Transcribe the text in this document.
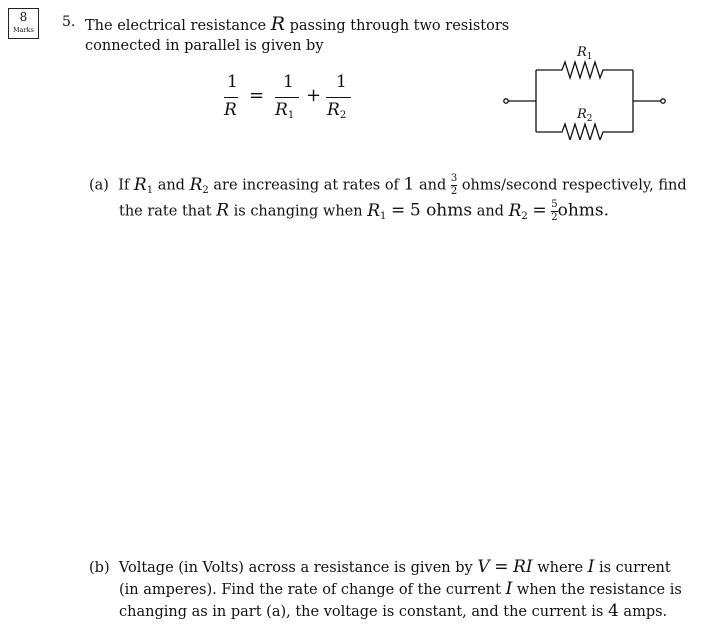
8
Marks 5. The electrical resistance R passing through two resistors
connected in parallel is given by
1
R
=
1
$R_1$
+
1
$R_2$
$R_1$
$R_2$
(a) If $R_1$ and $R_2$ are increasing at rates of 1 and $\frac{3}{2}$ ohms/second respectively, find
the rate that R is changing when $R_1 = 5$ ohms and $R_2 = \frac{5}{2}$ ohms.
(b) Voltage (in Volts) across a resistance is given by V = RI where I is current
(in amperes). Find the rate of change of the current I when the resistance is
changing as in part (a), the voltage is constant, and the current is 4 amps.
